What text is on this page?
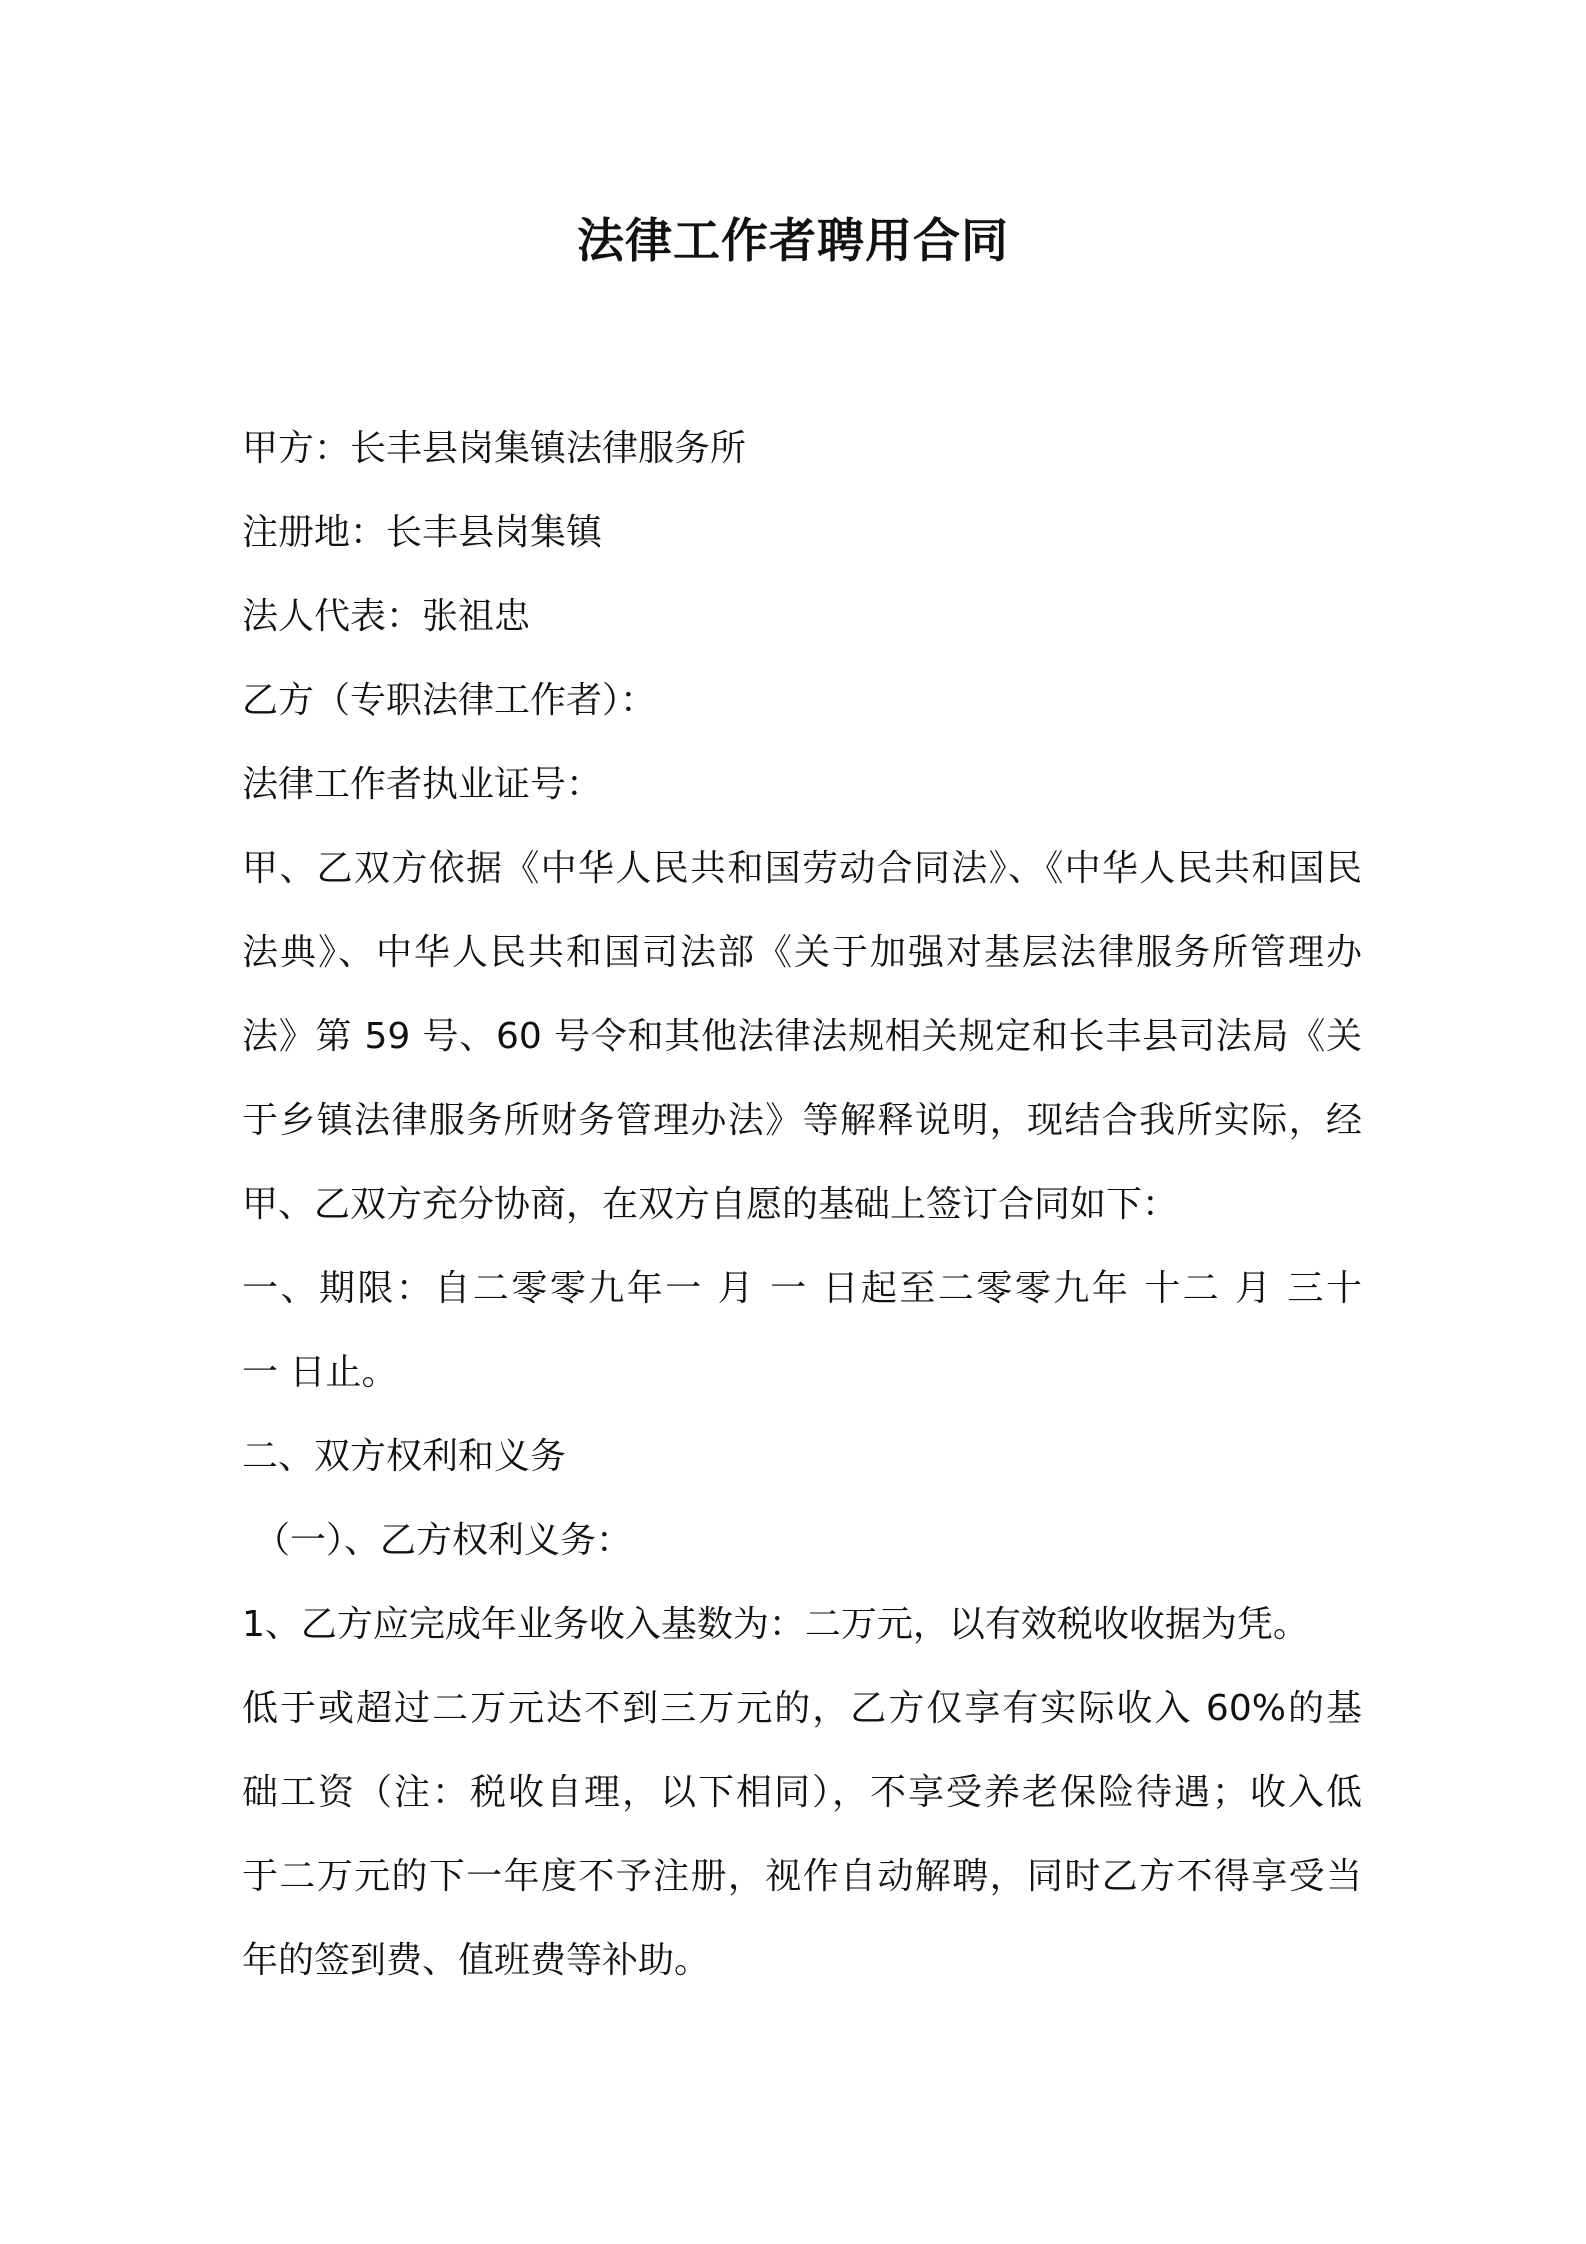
法律工作者聘用合同
甲方：长丰县岗集镇法律服务所
注册地：长丰县岗集镇
法人代表：张祖忠
乙方（专职法律工作者）：
法律工作者执业证号：
甲、乙双方依据《中华人民共和国劳动合同法》、《中华人民共和国民
法典》、中华人民共和国司法部《关于加强对基层法律服务所管理办
法》第 59 号、60 号令和其他法律法规相关规定和长丰县司法局《关
于乡镇法律服务所财务管理办法》等解释说明，现结合我所实际，经
甲、乙双方充分协商，在双方自愿的基础上签订合同如下：
一、期限：自二零零九年一 月 一 日起至二零零九年 十二 月 三十
一 日止。
二、双方权利和义务
（一）、乙方权利义务：
1、乙方应完成年业务收入基数为：二万元，以有效税收收据为凭。
低于或超过二万元达不到三万元的，乙方仅享有实际收入 60%的基
础工资（注：税收自理，以下相同），不享受养老保险待遇；收入低
于二万元的下一年度不予注册，视作自动解聘，同时乙方不得享受当
年的签到费、值班费等补助。
